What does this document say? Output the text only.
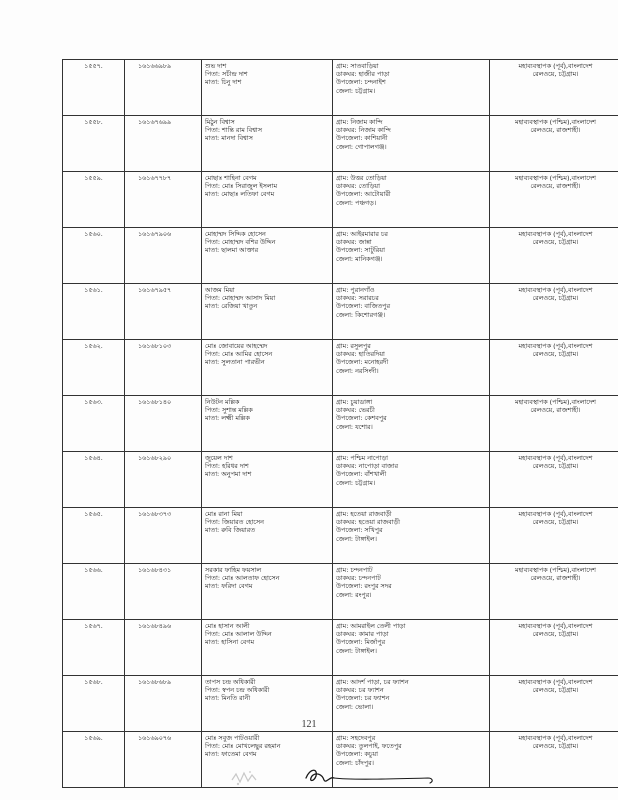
১৫৫৭.	১৬১৬৬৯৮৯	শুভ দাশ
পিতা: সচীন্দ্র দাশ
মাতা: চিনু দাশ	গ্রাম: সাতবাড়িয়া
ডাকঘর: হাজীর পাড়া
উপজেলা: চন্দনাইশ
জেলা: চট্টগ্রাম।	মহাব্যবস্থাপক (পূর্ব),বাংলাদেশ
রেলওয়ে, চট্টগ্রাম।

১৫৫৮.	১৬১৬৭৬৯৯	মিঠুন বিশ্বাস
পিতা: শান্তি রাম বিশ্বাস
মাতা: মানদা বিশ্বাস	গ্রাম: নিজাম কান্দি
ডাকঘর: নিজাম কান্দি
উপজেলা: কাশিয়ানী
জেলা: গোপালগঞ্জ।	মহাব্যবস্থাপক (পশ্চিম),বাংলাদেশ
রেলওয়ে, রাজশাহী।

১৫৫৯.	১৬১৬৭৭৮৭	মোছাঃ শাহিনা বেগম
পিতা: মোঃ সিরাজুল ইসলাম
মাতা: মোছাঃ লতিফা বেগম	গ্রাম: উত্তর তোড়িয়া
ডাকঘর: তোড়িয়া
উপজেলা: আটোয়ারী
জেলা: পঞ্চগড়।	মহাব্যবস্থাপক (পশ্চিম),বাংলাদেশ
রেলওয়ে, রাজশাহী।

১৫৬০.	১৬১৬৭৯০৬	মোহাম্মদ সিদ্দিক হোসেন
পিতা: মোহাম্মদ বশির উদ্দিন
মাতা: ছালমা আক্তার	গ্রাম: আইরমারার চর
ডাকঘর: জান্না
উপজেলা: সাটুরিয়া
জেলা: মানিকগঞ্জ।	মহাব্যবস্থাপক (পূর্ব),বাংলাদেশ
রেলওয়ে, চট্টগ্রাম।

১৫৬১.	১৬১৬৭৯৫৭	আজম মিয়া
পিতা: মোহাম্মদ আসাদ মিয়া
মাতা: রেজিয়া খাতুন	গ্রাম: পুরানগাঁও
ডাকঘর: সরারচর
উপজেলা: বাজিতপুর
জেলা: কিশোরগঞ্জ।	মহাব্যবস্থাপক (পূর্ব),বাংলাদেশ
রেলওয়ে, চট্টগ্রাম।

১৫৬২.	১৬১৬৮১০৩	মোঃ জোবায়ের আহম্মেদ
পিতা: মোঃ আমির হোসেন
মাতা: সুলতানা পারভীন	গ্রাম: রসুলপুর
ডাকঘর: হাতিরদিয়া
উপজেলা: মনোহরদী
জেলা: নরসিংদী।	মহাব্যবস্থাপক (পূর্ব),বাংলাদেশ
রেলওয়ে, চট্টগ্রাম।

১৫৬৩.	১৬১৬৮১৪০	নিউটন মল্লিক
পিতা: সুশান্ত মল্লিক
মাতা: লক্ষ্মী মল্লিক	গ্রাম: চুয়াডাঙ্গা
ডাকঘর: ভেরচী
উপজেলা: কেশবপুর
জেলা: যশোর।	মহাব্যবস্থাপক (পশ্চিম),বাংলাদেশ
রেলওয়ে, রাজশাহী।

১৫৬৪.	১৬১৬৮২৯০	জুয়েল দাশ
পিতা: হরিধর দাশ
মাতা: অনুপমা দাশ	গ্রাম: পশ্চিম নাপোড়া
ডাকঘর: নাপোড়া বাজার
উপজেলা: বাঁশখালী
জেলা: চট্টগ্রাম।	মহাব্যবস্থাপক (পূর্ব),বাংলাদেশ
রেলওয়ে, চট্টগ্রাম।

১৫৬৫.	১৬১৬৮৩৭৩	মোঃ রানা মিয়া
পিতা: জিয়ারত হোসেন
মাতা: রুবি জিয়ারত	গ্রাম: হতেয়া রাজবাড়ী
ডাকঘর: হতেয়া রাজবাড়ী
উপজেলা: সখিপুর
জেলা: টাঙ্গাইল।	মহাব্যবস্থাপক (পূর্ব),বাংলাদেশ
রেলওয়ে, চট্টগ্রাম।

১৫৬৬.	১৬১৬৮৪৩১	সরকার ফাহিম ফয়সাল
পিতা: মোঃ আলতাফ হোসেন
মাতা: ফরিদা বেগম	গ্রাম: চন্দনপাট
ডাকঘর: চন্দনপাট
উপজেলা: রংপুর সদর
জেলা: রংপুর।	মহাব্যবস্থাপক (পশ্চিম),বাংলাদেশ
রেলওয়ে, রাজশাহী।

১৫৬৭.	১৬১৬৮৪৯৬	মোঃ হাসান আলী
পিতা: মোঃ আলাল উদ্দিন
মাতা: হাসিনা বেগম	গ্রাম: আমরাইল তেলী পাড়া
ডাকঘর: কামার পাড়া
উপজেলা: মির্জাপুর
জেলা: টাঙ্গাইল।	মহাব্যবস্থাপক (পূর্ব),বাংলাদেশ
রেলওয়ে, চট্টগ্রাম।

১৫৬৮.	১৬১৬৮৬৮৯	তাপস চন্দ্র অধিকারী
পিতা: স্বপন চন্দ্র অধিকারী
মাতা: মিনতি রানী	গ্রাম: আদর্শ পাড়া, চর ফ্যাশন
ডাকঘর: চর ফ্যাশন
উপজেলা: চর ফ্যাশন
জেলা: ভোলা।	মহাব্যবস্থাপক (পূর্ব),বাংলাদেশ
রেলওয়ে, চট্টগ্রাম।

১৫৬৯.	১৬১৬৯০৭৬	মোঃ সবুজ পাটওয়ারী
পিতা: মোঃ মোখলেছুর রহমান
মাতা: ফাতেমা বেগম	গ্রাম: সহদেবপুর
ডাকঘর: তুলপাই, ফতেপুর
উপজেলা: কচুয়া
জেলা: চাঁদপুর।	মহাব্যবস্থাপক (পূর্ব),বাংলাদেশ
রেলওয়ে, চট্টগ্রাম।
121
